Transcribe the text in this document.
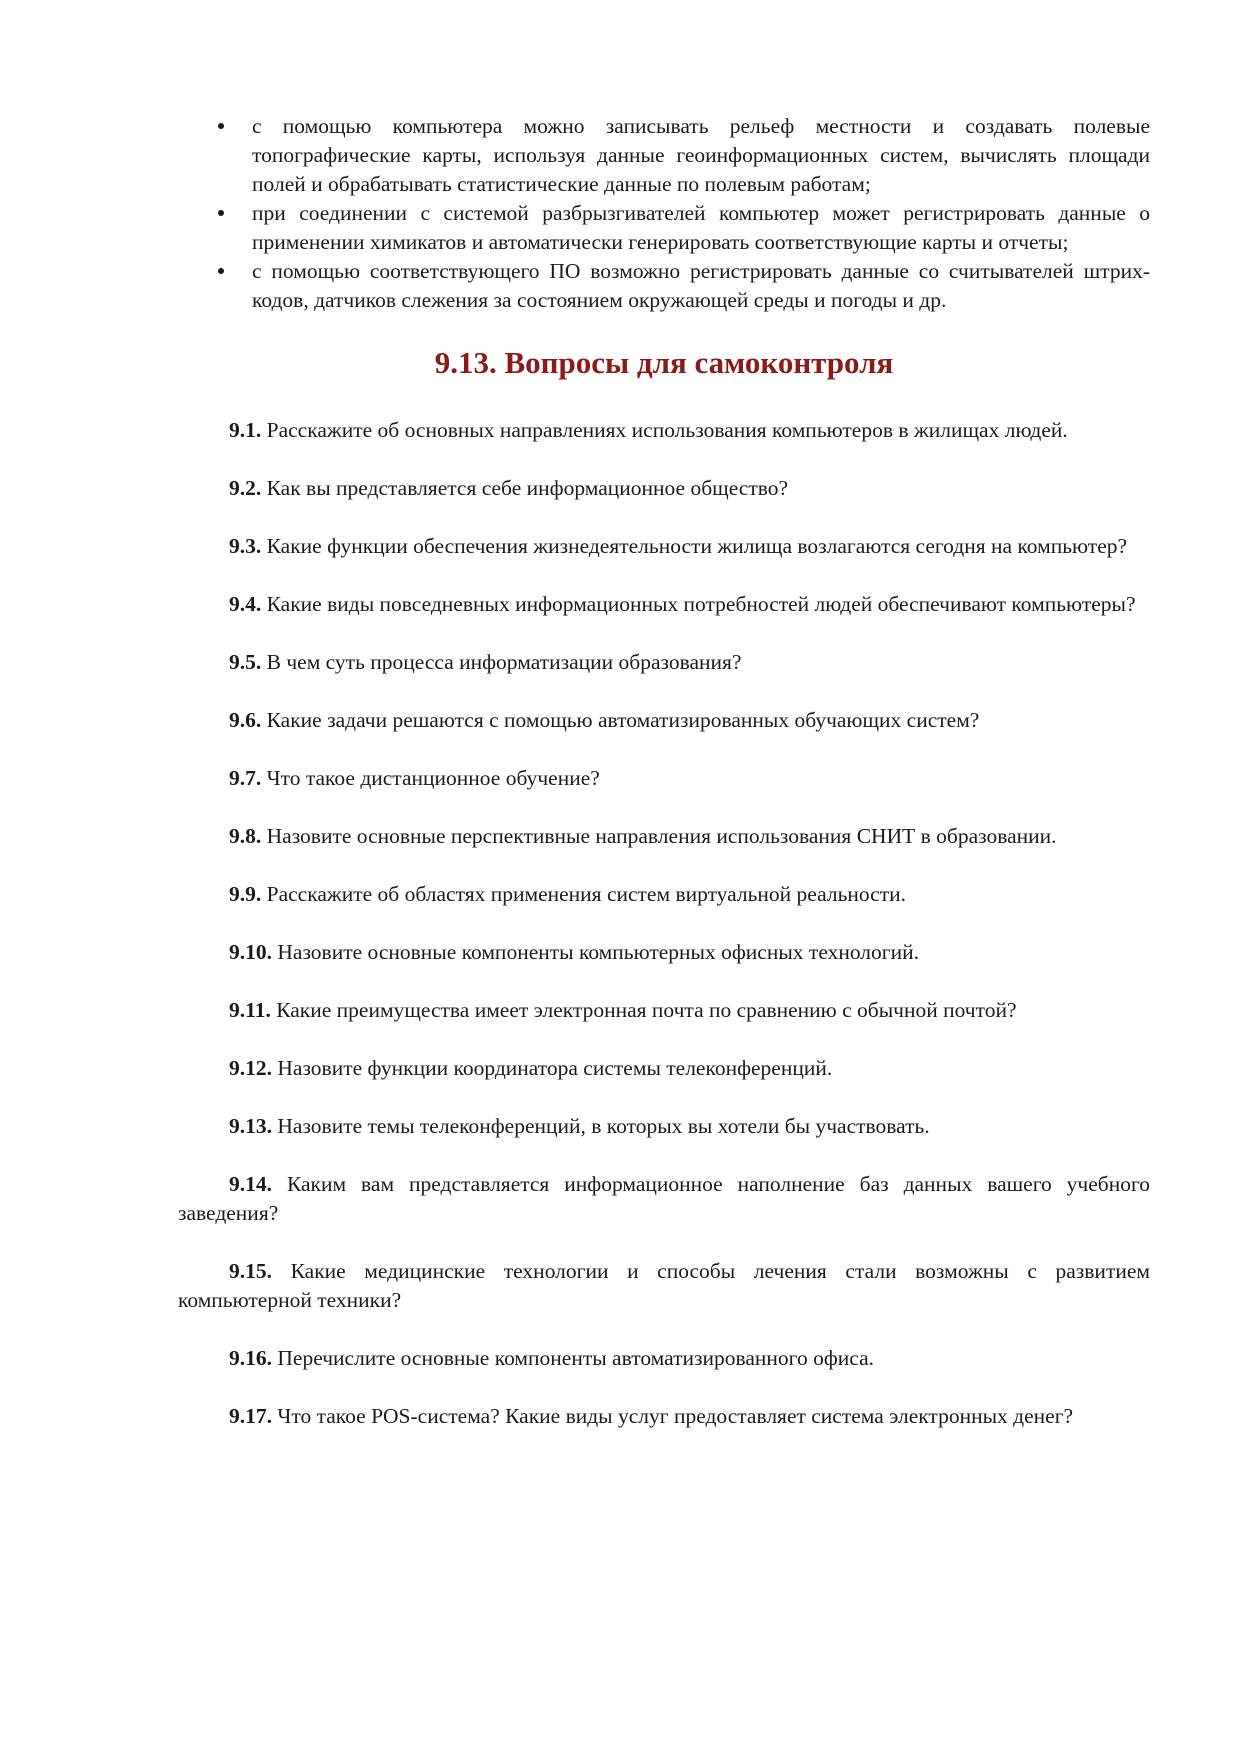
с помощью компьютера можно записывать рельеф местности и создавать полевые топографические карты, используя данные геоинформационных систем, вычислять площади полей и обрабатывать статистические данные по полевым работам;
при соединении с системой разбрызгивателей компьютер может регистрировать данные о применении химикатов и автоматически генерировать соответствующие карты и отчеты;
с помощью соответствующего ПО возможно регистрировать данные со считывателей штрих-кодов, датчиков слежения за состоянием окружающей среды и погоды и др.
9.13. Вопросы для самоконтроля

9.1. Расскажите об основных направлениях использования компьютеров в жилищах людей.

9.2. Как вы представляется себе информационное общество?

9.3. Какие функции обеспечения жизнедеятельности жилища возлагаются сегодня на компьютер?

9.4. Какие виды повседневных информационных потребностей людей обеспечивают компьютеры?

9.5. В чем суть процесса информатизации образования?

9.6. Какие задачи решаются с помощью автоматизированных обучающих систем?

9.7. Что такое дистанционное обучение?

9.8. Назовите основные перспективные направления использования СНИТ в образовании.

9.9. Расскажите об областях применения систем виртуальной реальности.

9.10. Назовите основные компоненты компьютерных офисных технологий.

9.11. Какие преимущества имеет электронная почта по сравнению с обычной почтой?

9.12. Назовите функции координатора системы телеконференций.

9.13. Назовите темы телеконференций, в которых вы хотели бы участвовать.

9.14. Каким вам представляется информационное наполнение баз данных вашего учебного заведения?

9.15. Какие медицинские технологии и способы лечения стали возможны с развитием компьютерной техники?

9.16. Перечислите основные компоненты автоматизированного офиса.

9.17. Что такое POS-система? Какие виды услуг предоставляет система электронных денег?
